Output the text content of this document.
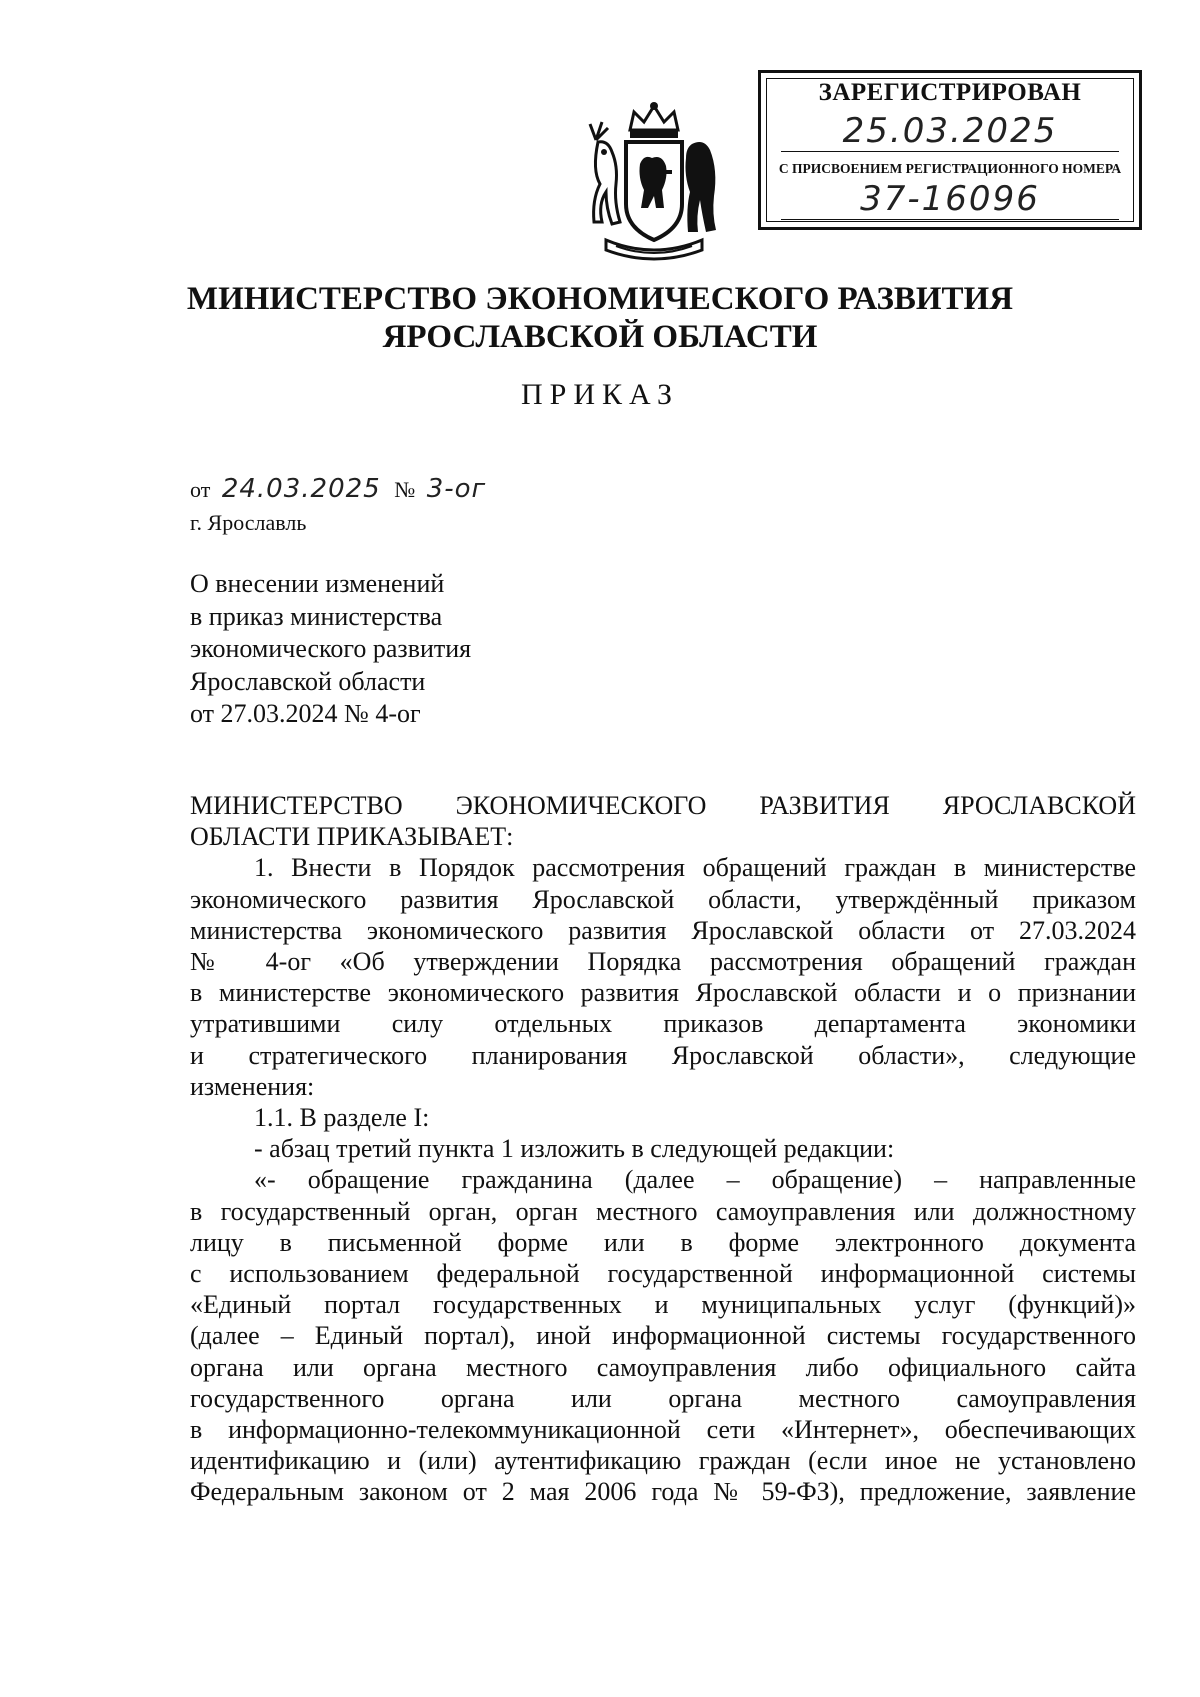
ЗАРЕГИСТРИРОВАН
25.03.2025
С ПРИСВОЕНИЕМ РЕГИСТРАЦИОННОГО НОМЕРА
37-16096
МИНИСТЕРСТВО ЭКОНОМИЧЕСКОГО РАЗВИТИЯ
ЯРОСЛАВСКОЙ ОБЛАСТИ
ПРИКАЗ
от 24.03.2025 № 3-ог
г. Ярославль
О внесении изменений
в приказ министерства
экономического развития
Ярославской области
от 27.03.2024 № 4-ог
МИНИСТЕРСТВО ЭКОНОМИЧЕСКОГО РАЗВИТИЯ ЯРОСЛАВСКОЙ
ОБЛАСТИ ПРИКАЗЫВАЕТ:
1. Внести в Порядок рассмотрения обращений граждан в министерстве
экономического развития Ярославской области, утверждённый приказом
министерства экономического развития Ярославской области от 27.03.2024
№ 4-ог «Об утверждении Порядка рассмотрения обращений граждан
в министерстве экономического развития Ярославской области и о признании
утратившими силу отдельных приказов департамента экономики
и стратегического планирования Ярославской области», следующие
изменения:
1.1. В разделе I:
- абзац третий пункта 1 изложить в следующей редакции:
«- обращение гражданина (далее – обращение) – направленные
в государственный орган, орган местного самоуправления или должностному
лицу в письменной форме или в форме электронного документа
с использованием федеральной государственной информационной системы
«Единый портал государственных и муниципальных услуг (функций)»
(далее – Единый портал), иной информационной системы государственного
органа или органа местного самоуправления либо официального сайта
государственного органа или органа местного самоуправления
в информационно-телекоммуникационной сети «Интернет», обеспечивающих
идентификацию и (или) аутентификацию граждан (если иное не установлено
Федеральным законом от 2 мая 2006 года № 59-ФЗ), предложение, заявление
